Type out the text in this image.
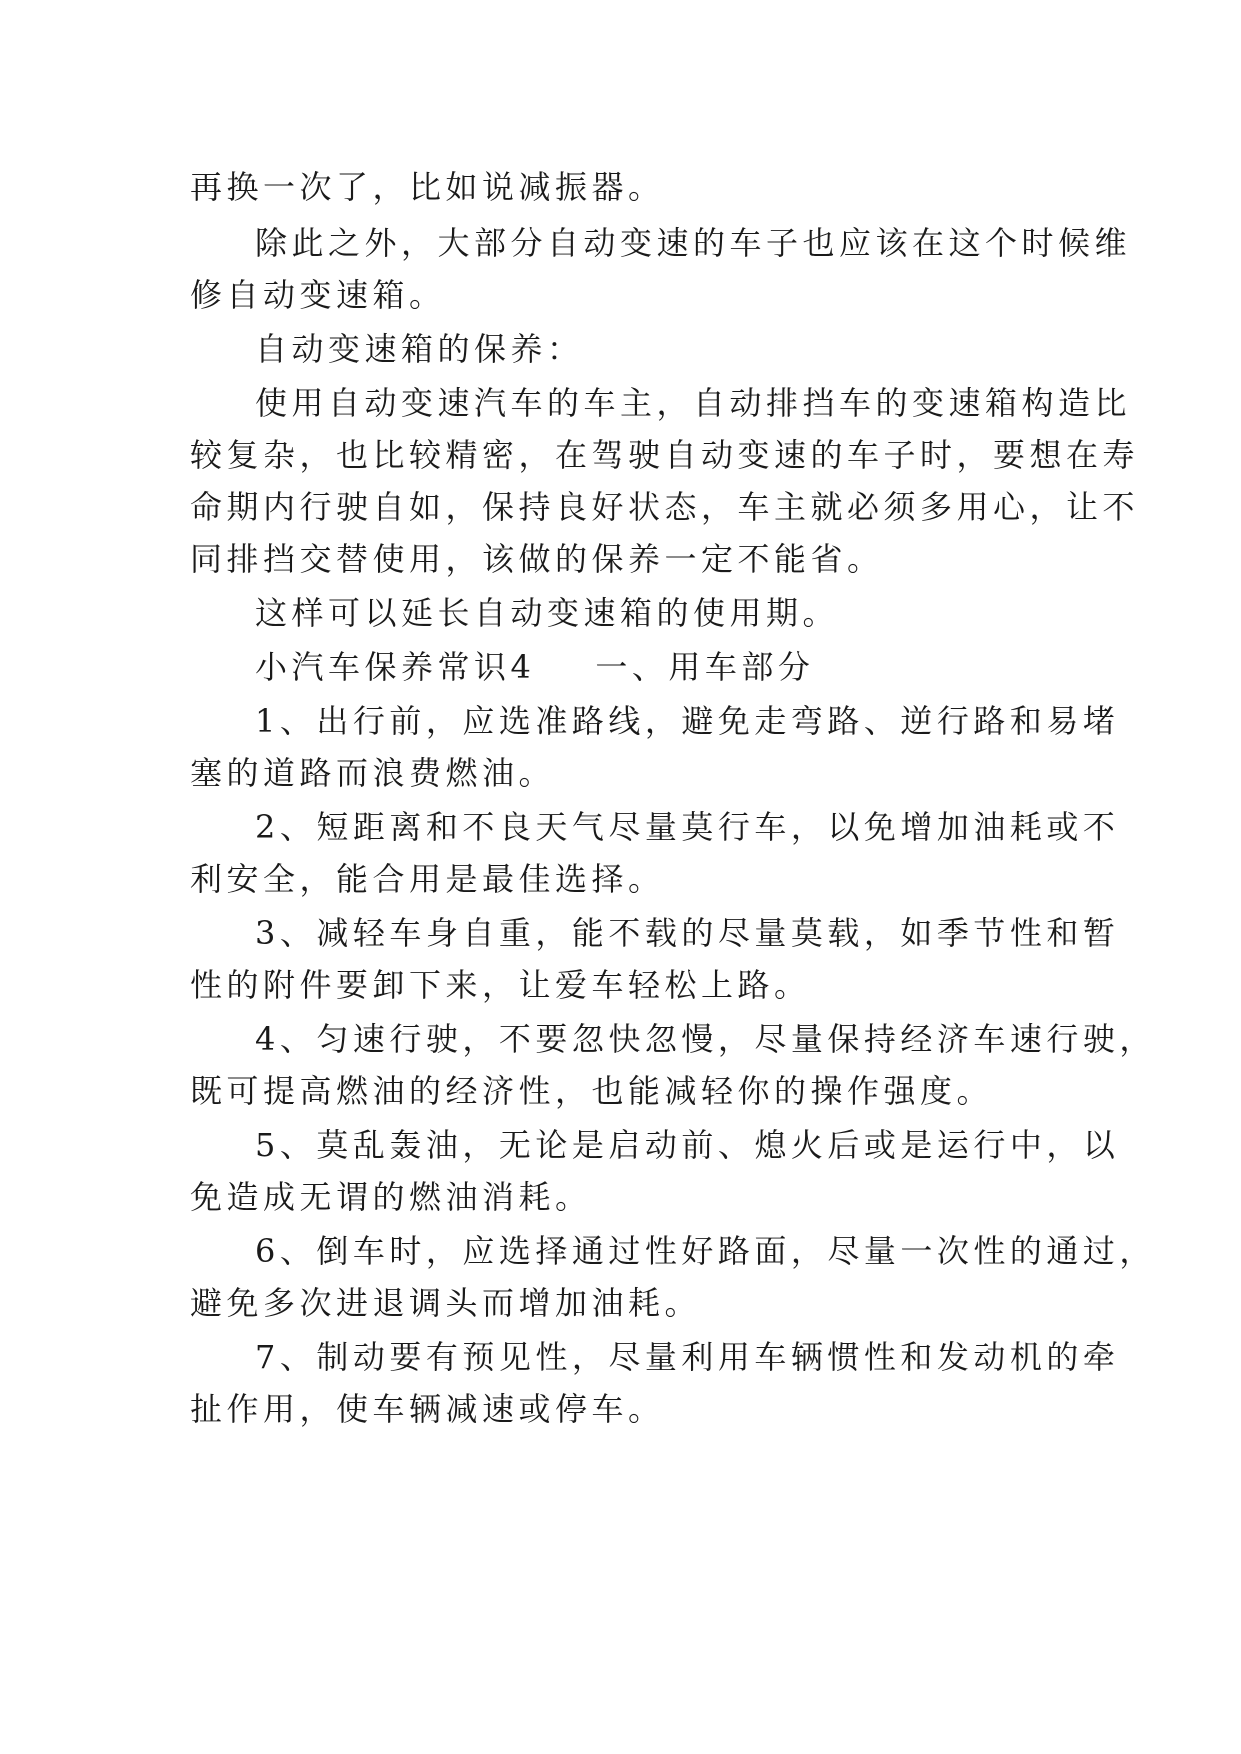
再换一次了，比如说减振器。
除此之外，大部分自动变速的车子也应该在这个时候维
修自动变速箱。
自动变速箱的保养：
使用自动变速汽车的车主，自动排挡车的变速箱构造比
较复杂，也比较精密，在驾驶自动变速的车子时，要想在寿
命期内行驶自如，保持良好状态，车主就必须多用心，让不
同排挡交替使用，该做的保养一定不能省。
这样可以延长自动变速箱的使用期。
小汽车保养常识4 一、用车部分
1、出行前，应选准路线，避免走弯路、逆行路和易堵
塞的道路而浪费燃油。
2、短距离和不良天气尽量莫行车，以免增加油耗或不
利安全，能合用是最佳选择。
3、减轻车身自重，能不载的尽量莫载，如季节性和暂
性的附件要卸下来，让爱车轻松上路。
4、匀速行驶，不要忽快忽慢，尽量保持经济车速行驶，
既可提高燃油的经济性，也能减轻你的操作强度。
5、莫乱轰油，无论是启动前、熄火后或是运行中，以
免造成无谓的燃油消耗。
6、倒车时，应选择通过性好路面，尽量一次性的通过，
避免多次进退调头而增加油耗。
7、制动要有预见性，尽量利用车辆惯性和发动机的牵
扯作用，使车辆减速或停车。
